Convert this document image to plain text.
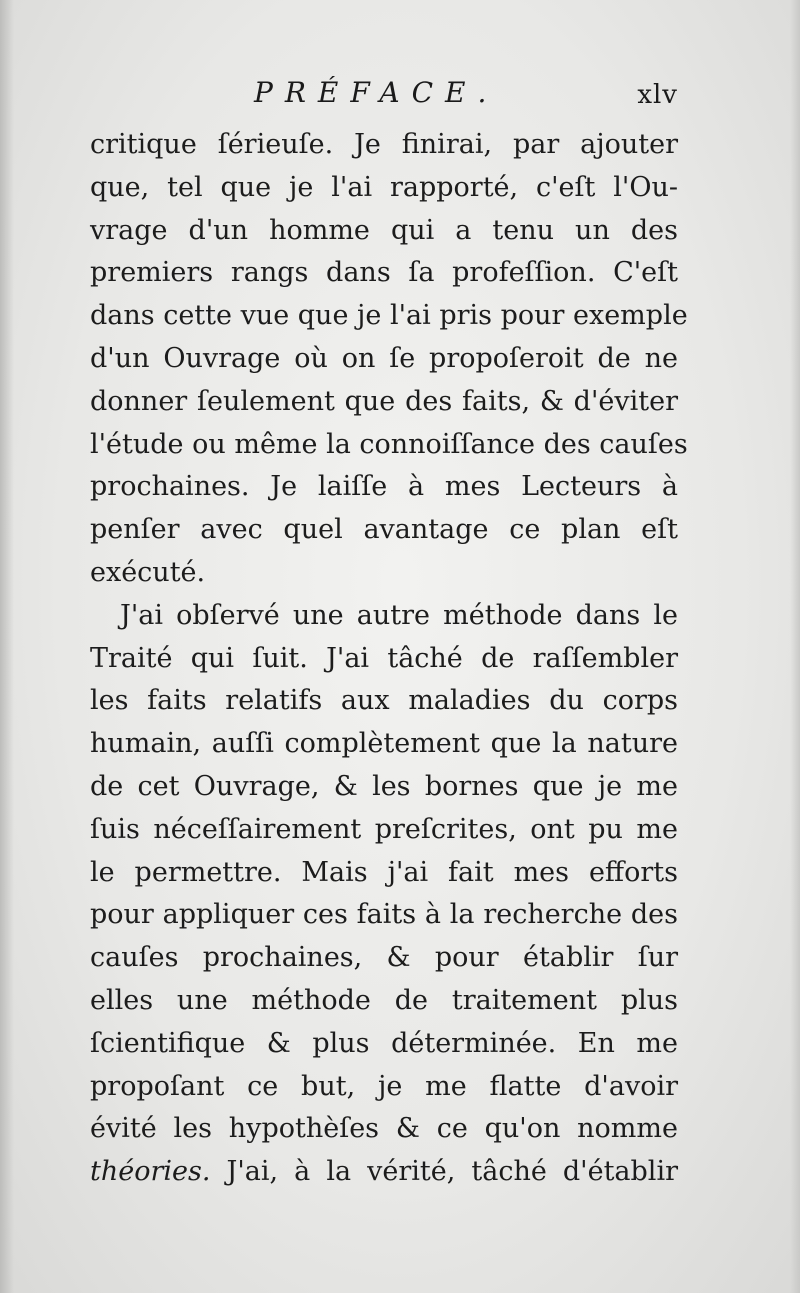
PRÉFACE.	xlv
critique ſérieuſe. Je finirai, par ajouter
que, tel que je l'ai rapporté, c'eſt l'Ou-
vrage d'un homme qui a tenu un des
premiers rangs dans ſa profeſſion. C'eſt
dans cette vue que je l'ai pris pour exemple
d'un Ouvrage où on ſe propoſeroit de ne
donner ſeulement que des faits, & d'éviter
l'étude ou même la connoiſſance des cauſes
prochaines. Je laiſſe à mes Lecteurs à
penſer avec quel avantage ce plan eſt
exécuté.
J'ai obſervé une autre méthode dans le
Traité qui ſuit. J'ai tâché de raſſembler
les faits relatifs aux maladies du corps
humain, auſſi complètement que la nature
de cet Ouvrage, & les bornes que je me
ſuis néceſſairement preſcrites, ont pu me
le permettre. Mais j'ai fait mes efforts
pour appliquer ces faits à la recherche des
cauſes prochaines, & pour établir ſur
elles une méthode de traitement plus
ſcientifique & plus déterminée. En me
propoſant ce but, je me flatte d'avoir
évité les hypothèſes & ce qu'on nomme
théories. J'ai, à la vérité, tâché d'établir
